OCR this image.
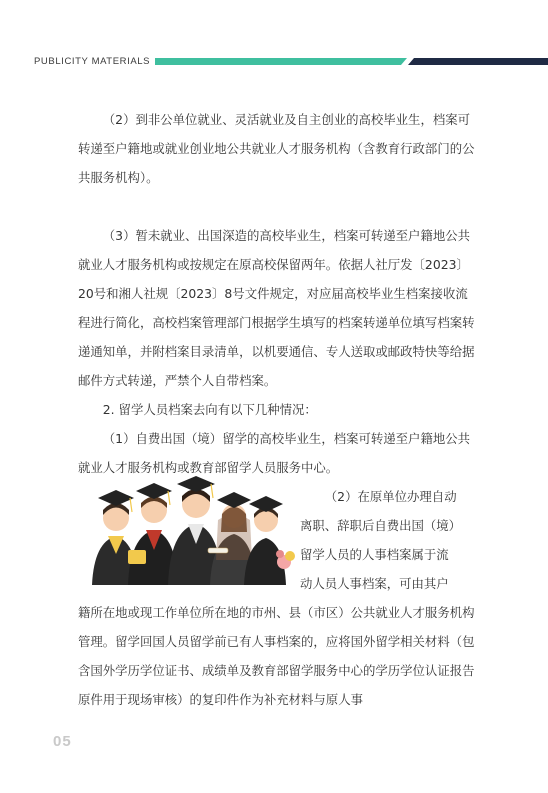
PUBLICITY MATERIALS

（2）到非公单位就业、灵活就业及自主创业的高校毕业生，档案可转递至户籍地或就业创业地公共就业人才服务机构（含教育行政部门的公共服务机构）。

（3）暂未就业、出国深造的高校毕业生，档案可转递至户籍地公共就业人才服务机构或按规定在原高校保留两年。依据人社厅发〔2023〕20号和湘人社规〔2023〕8号文件规定，对应届高校毕业生档案接收流程进行简化，高校档案管理部门根据学生填写的档案转递单位填写档案转递通知单，并附档案目录清单，以机要通信、专人送取或邮政特快等给据邮件方式转递，严禁个人自带档案。

2. 留学人员档案去向有以下几种情况：

（1）自费出国（境）留学的高校毕业生，档案可转递至户籍地公共就业人才服务机构或教育部留学人员服务中心。

（2）在原单位办理自动
离职、辞职后自费出国（境）
留学人员的人事档案属于流
动人员人事档案，可由其户

籍所在地或现工作单位所在地的市州、县（市区）公共就业人才服务机构管理。留学回国人员留学前已有人事档案的，应将国外留学相关材料（包含国外学历学位证书、成绩单及教育部留学服务中心的学历学位认证报告原件用于现场审核）的复印件作为补充材料与原人事

05
